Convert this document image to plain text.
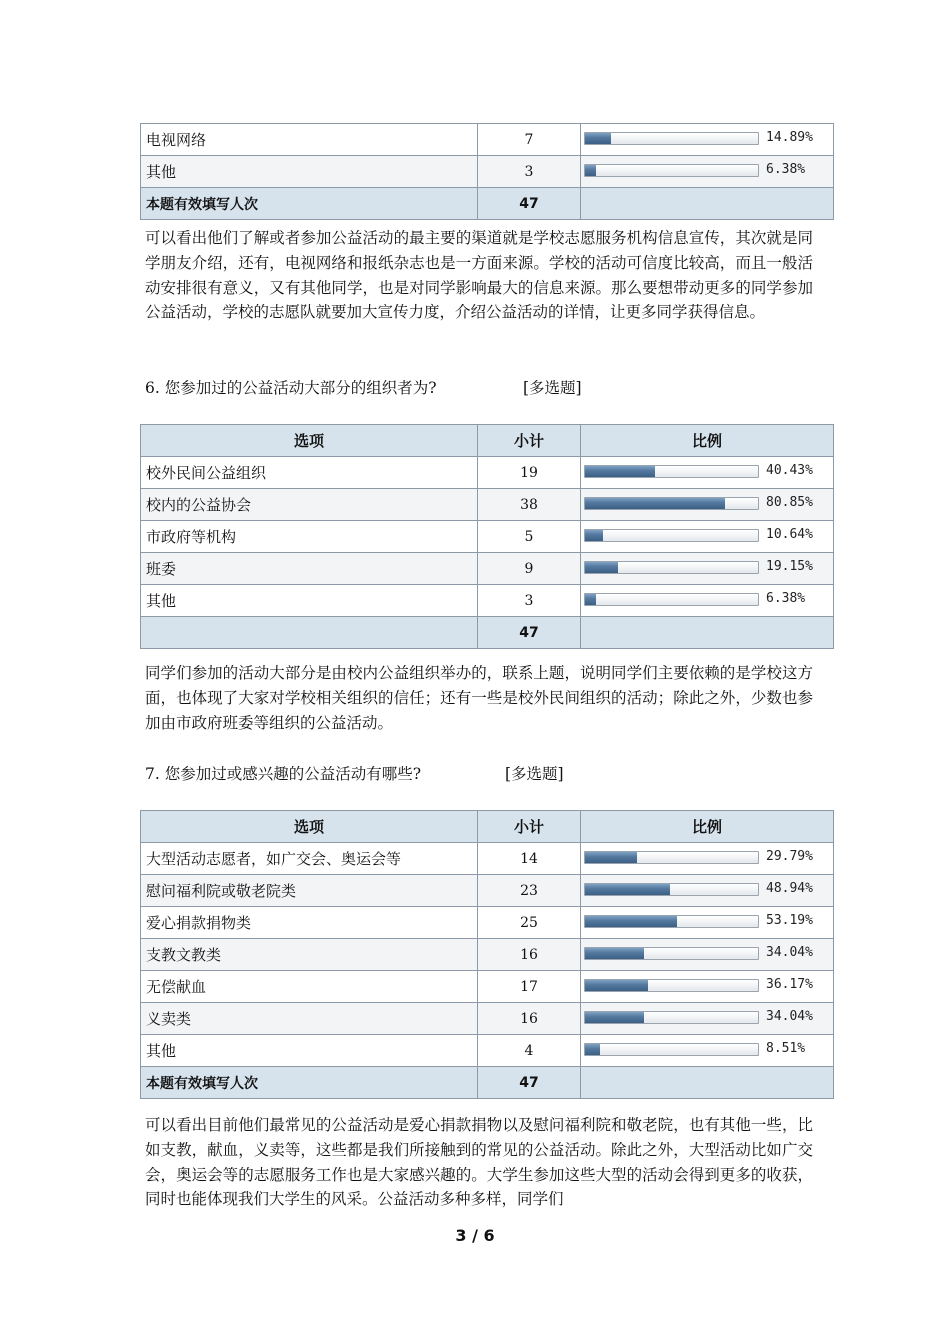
电视网络	7	14.89%

其他	3	6.38%

本题有效填写人次	47	

可以看出他们了解或者参加公益活动的最主要的渠道就是学校志愿服务机构信息宣传，其次就是同学朋友介绍，还有，电视网络和报纸杂志也是一方面来源。学校的活动可信度比较高，而且一般活动安排很有意义，又有其他同学，也是对同学影响最大的信息来源。那么要想带动更多的同学参加公益活动，学校的志愿队就要加大宣传力度，介绍公益活动的详情，让更多同学获得信息。

6. 您参加过的公益活动大部分的组织者为?	[多选题]
选项	小计	比例
校外民间公益组织	19	40.43%

校内的公益协会	38	80.85%

市政府等机构	5	10.64%

班委	9	19.15%

其他	3	6.38%

	47	

同学们参加的活动大部分是由校内公益组织举办的，联系上题，说明同学们主要依赖的是学校这方面，也体现了大家对学校相关组织的信任；还有一些是校外民间组织的活动；除此之外，少数也参加由市政府班委等组织的公益活动。

7. 您参加过或感兴趣的公益活动有哪些?	[多选题]
选项	小计	比例
大型活动志愿者，如广交会、奥运会等	14	29.79%

慰问福利院或敬老院类	23	48.94%

爱心捐款捐物类	25	53.19%

支教文教类	16	34.04%

无偿献血	17	36.17%

义卖类	16	34.04%

其他	4	8.51%

本题有效填写人次	47	

可以看出目前他们最常见的公益活动是爱心捐款捐物以及慰问福利院和敬老院，也有其他一些，比如支教，献血，义卖等，这些都是我们所接触到的常见的公益活动。除此之外，大型活动比如广交会，奥运会等的志愿服务工作也是大家感兴趣的。大学生参加这些大型的活动会得到更多的收获，同时也能体现我们大学生的风采。公益活动多种多样，同学们

3 / 6
